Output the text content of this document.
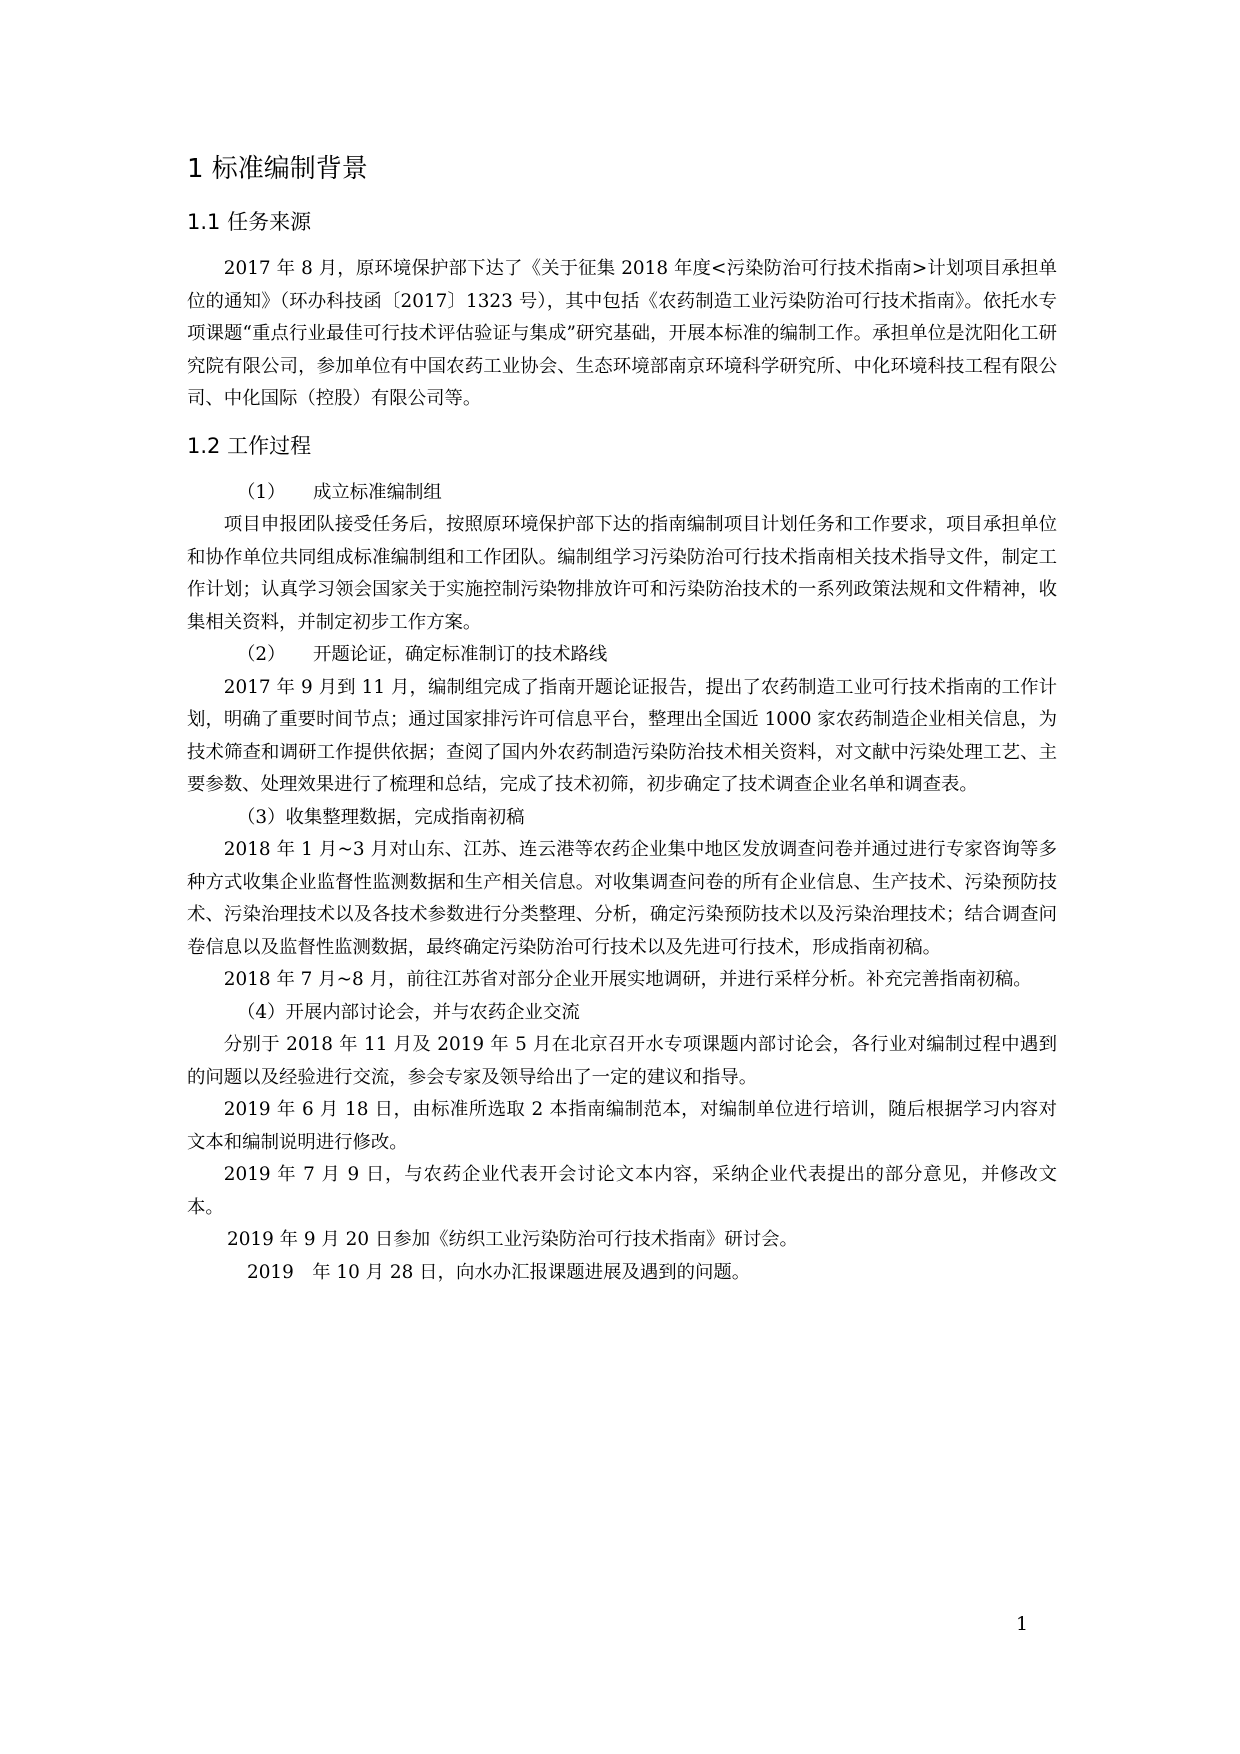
1 标准编制背景
1.1 任务来源

2017 年 8 月，原环境保护部下达了《关于征集 2018 年度<污染防治可行技术指南>计划项目承担单位的通知》（环办科技函〔2017〕1323 号），其中包括《农药制造工业污染防治可行技术指南》。依托水专项课题“重点行业最佳可行技术评估验证与集成”研究基础，开展本标准的编制工作。承担单位是沈阳化工研究院有限公司，参加单位有中国农药工业协会、生态环境部南京环境科学研究所、中化环境科技工程有限公司、中化国际（控股）有限公司等。

1.2 工作过程
（1） 成立标准编制组

项目申报团队接受任务后，按照原环境保护部下达的指南编制项目计划任务和工作要求，项目承担单位和协作单位共同组成标准编制组和工作团队。编制组学习污染防治可行技术指南相关技术指导文件，制定工作计划；认真学习领会国家关于实施控制污染物排放许可和污染防治技术的一系列政策法规和文件精神，收集相关资料，并制定初步工作方案。

（2） 开题论证，确定标准制订的技术路线

2017 年 9 月到 11 月，编制组完成了指南开题论证报告，提出了农药制造工业可行技术指南的工作计划，明确了重要时间节点；通过国家排污许可信息平台，整理出全国近 1000 家农药制造企业相关信息，为技术筛查和调研工作提供依据；查阅了国内外农药制造污染防治技术相关资料，对文献中污染处理工艺、主要参数、处理效果进行了梳理和总结，完成了技术初筛，初步确定了技术调查企业名单和调查表。

（3）收集整理数据，完成指南初稿

2018 年 1 月~3 月对山东、江苏、连云港等农药企业集中地区发放调查问卷并通过进行专家咨询等多种方式收集企业监督性监测数据和生产相关信息。对收集调查问卷的所有企业信息、生产技术、污染预防技术、污染治理技术以及各技术参数进行分类整理、分析，确定污染预防技术以及污染治理技术；结合调查问卷信息以及监督性监测数据，最终确定污染防治可行技术以及先进可行技术，形成指南初稿。

2018 年 7 月~8 月，前往江苏省对部分企业开展实地调研，并进行采样分析。补充完善指南初稿。

（4）开展内部讨论会，并与农药企业交流

分别于 2018 年 11 月及 2019 年 5 月在北京召开水专项课题内部讨论会，各行业对编制过程中遇到的问题以及经验进行交流，参会专家及领导给出了一定的建议和指导。

2019 年 6 月 18 日，由标准所选取 2 本指南编制范本，对编制单位进行培训，随后根据学习内容对文本和编制说明进行修改。

2019 年 7 月 9 日，与农药企业代表开会讨论文本内容，采纳企业代表提出的部分意见，并修改文本。

2019 年 9 月 20 日参加《纺织工业污染防治可行技术指南》研讨会。

2019　年 10 月 28 日，向水办汇报课题进展及遇到的问题。

1
